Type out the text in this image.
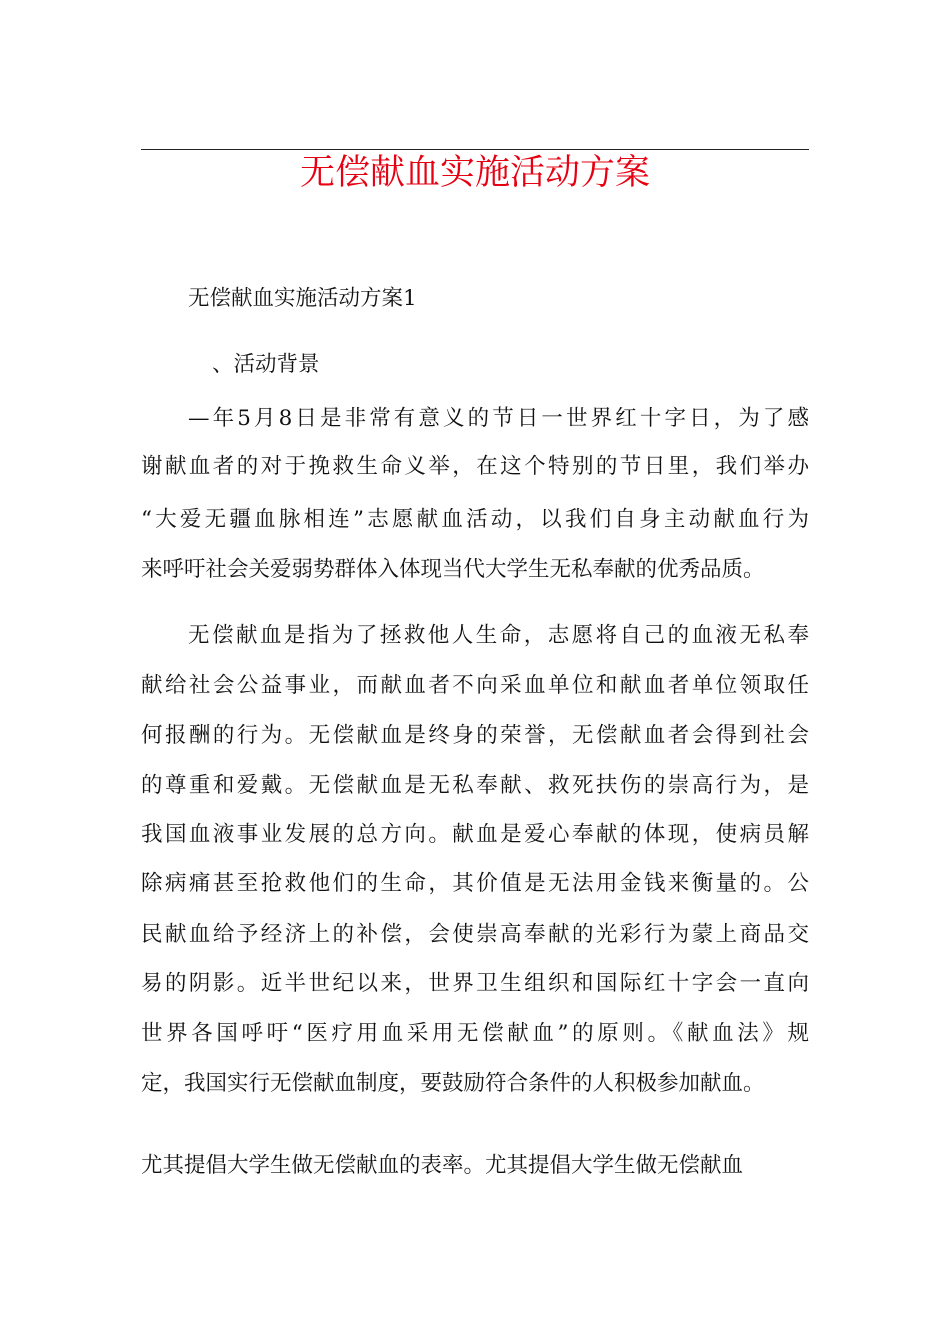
无偿献血实施活动方案
无偿献血实施活动方案1
、活动背景
—年5月8日是非常有意义的节日一世界红十字日，为了感
谢献血者的对于挽救生命义举，在这个特别的节日里，我们举办
“大爱无疆血脉相连”志愿献血活动，以我们自身主动献血行为
来呼吁社会关爱弱势群体入体现当代大学生无私奉献的优秀品质。
无偿献血是指为了拯救他人生命，志愿将自己的血液无私奉
献给社会公益事业，而献血者不向采血单位和献血者单位领取任
何报酬的行为。无偿献血是终身的荣誉，无偿献血者会得到社会
的尊重和爱戴。无偿献血是无私奉献、救死扶伤的崇高行为，是
我国血液事业发展的总方向。献血是爱心奉献的体现，使病员解
除病痛甚至抢救他们的生命，其价值是无法用金钱来衡量的。公
民献血给予经济上的补偿，会使崇高奉献的光彩行为蒙上商品交
易的阴影。近半世纪以来，世界卫生组织和国际红十字会一直向
世界各国呼吁“医疗用血采用无偿献血”的原则。《献血法》规
定，我国实行无偿献血制度，要鼓励符合条件的人积极参加献血。
尤其提倡大学生做无偿献血的表率。尤其提倡大学生做无偿献血
